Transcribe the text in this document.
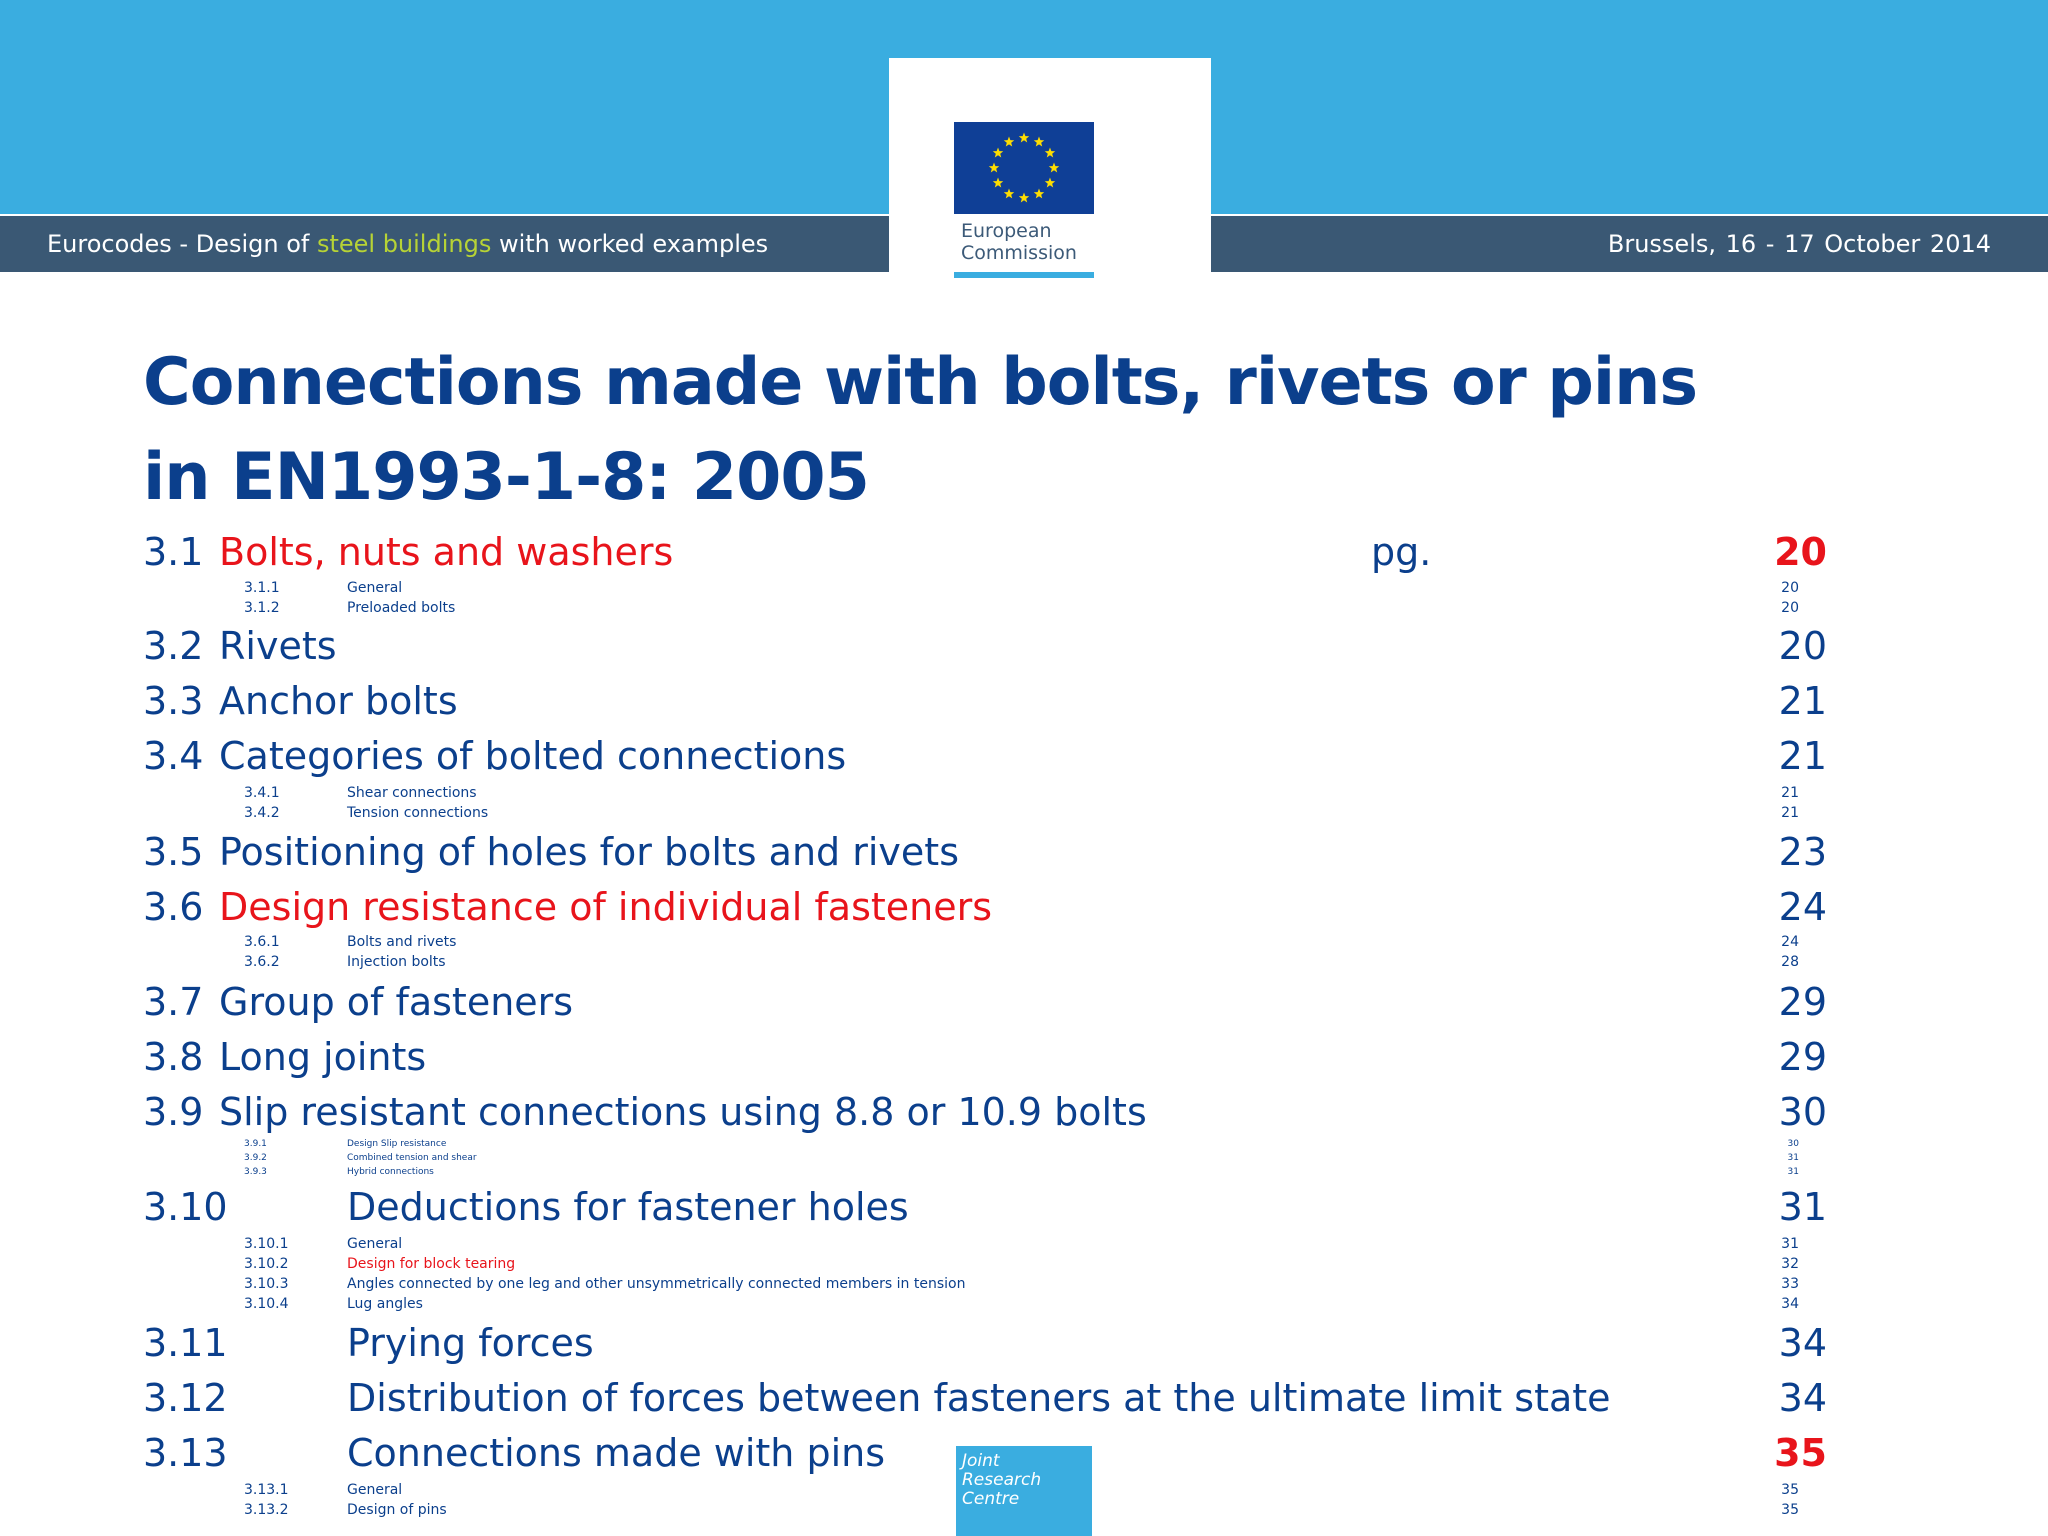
Eurocodes - Design of steel buildings with worked examples	Brussels, 16 - 17 October 2014
European
Commission
Connections made with bolts, rivets or pins
in EN1993-1-8: 2005
pg.
3.1 Bolts, nuts and washers	20
3.1.1	General	20
3.1.2	Preloaded bolts	20
3.2 Rivets	20
3.3 Anchor bolts	21
3.4 Categories of bolted connections	21
3.4.1	Shear connections	21
3.4.2	Tension connections	21
3.5 Positioning of holes for bolts and rivets	23
3.6 Design resistance of individual fasteners	24
3.6.1	Bolts and rivets	24
3.6.2	Injection bolts	28
3.7 Group of fasteners	29
3.8 Long joints	29
3.9 Slip resistant connections using 8.8 or 10.9 bolts	30
3.9.1	Design Slip resistance	30
3.9.2	Combined tension and shear	31
3.9.3	Hybrid connections	31
3.10	Deductions for fastener holes	31
3.10.1	General	31
3.10.2	Design for block tearing	32
3.10.3	Angles connected by one leg and other unsymmetrically connected members in tension	33
3.10.4	Lug angles	34
3.11	Prying forces	34
3.12	Distribution of forces between fasteners at the ultimate limit state	34
3.13	Connections made with pins	35
3.13.1	General	35
3.13.2	Design of pins	35
Joint
Research
Centre
